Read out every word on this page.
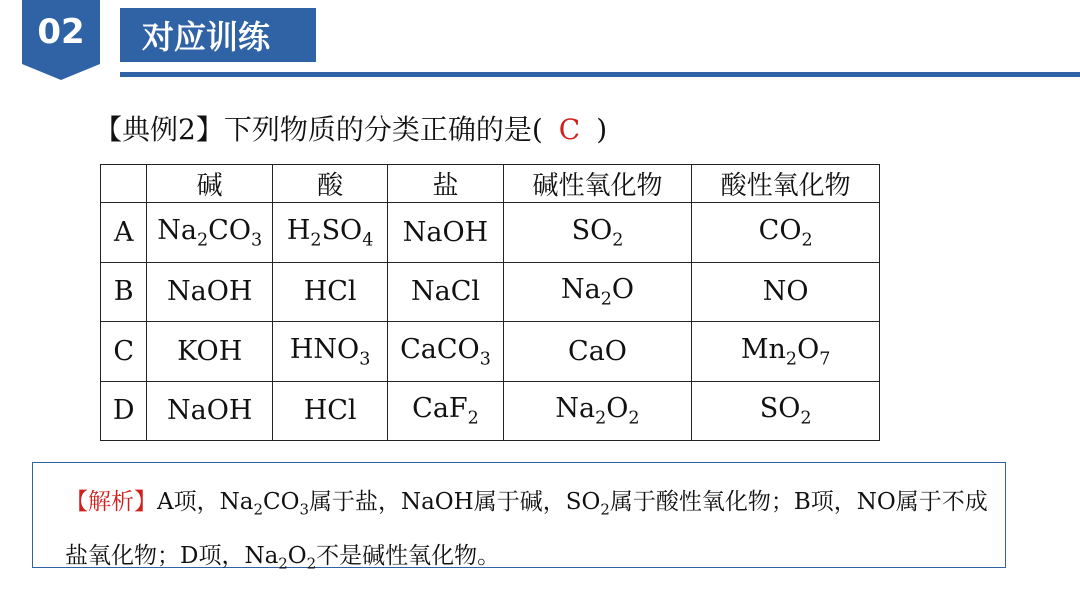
02	对应训练
【典例2】下列物质的分类正确的是( C )
	碱	酸	盐	碱性氧化物	酸性氧化物
A	$Na_2CO_3$	$H_2SO_4$	NaOH	$SO_2$	$CO_2$
B	NaOH	HCl	NaCl	$Na_2O$	NO
C	KOH	$HNO_3$	CaCO$_3$	CaO	$Mn_2O_7$
D	NaOH	HCl	CaF$_2$	$Na_2O_2$	$SO_2$
【解析】A项，$Na_2CO_3$属于盐，NaOH属于碱，$SO_2$属于酸性氧化物；B项，NO属于不成盐氧化物；D项，$Na_2O_2$不是碱性氧化物。
